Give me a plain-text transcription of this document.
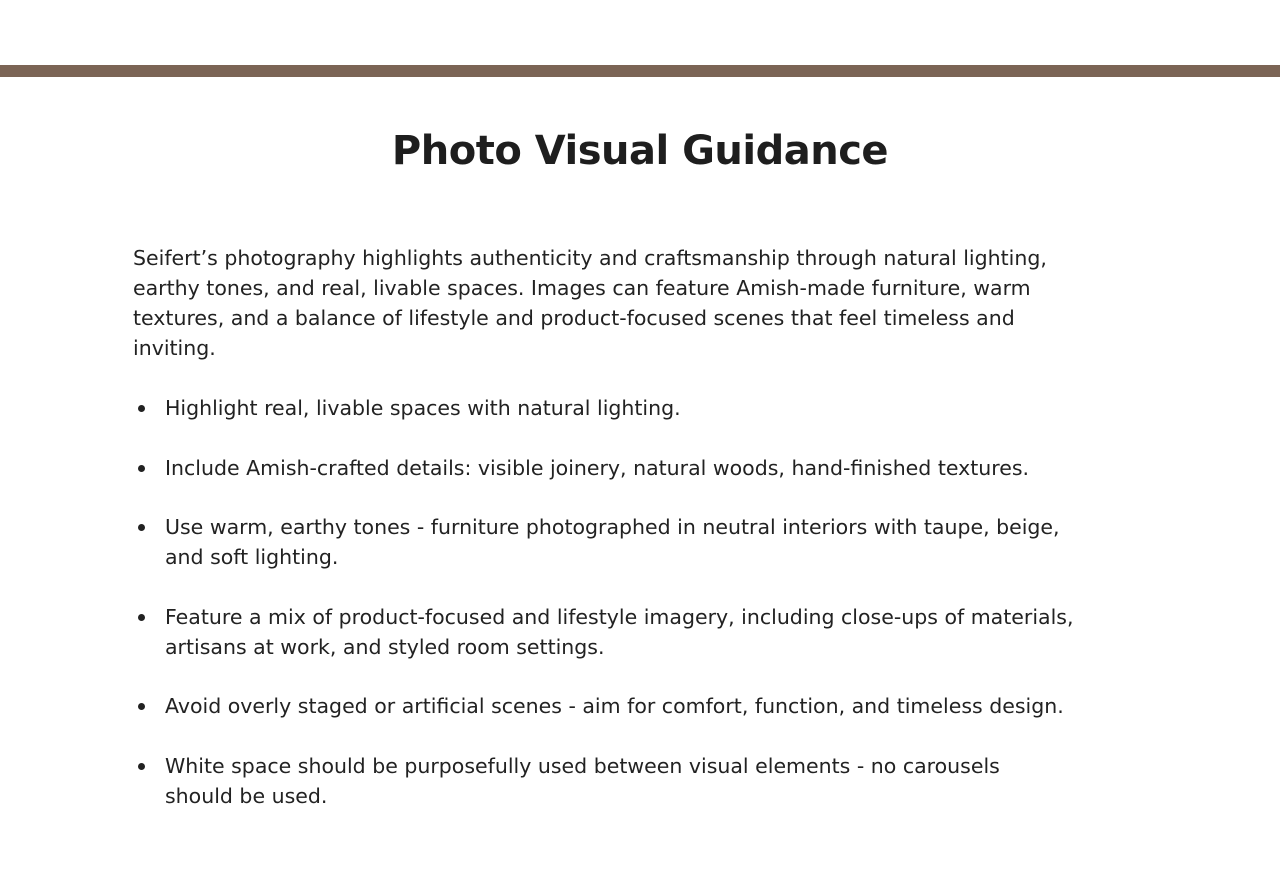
Photo Visual Guidance
Seifert’s photography highlights authenticity and craftsmanship through natural lighting,
earthy tones, and real, livable spaces. Images can feature Amish-made furniture, warm
textures, and a balance of lifestyle and product-focused scenes that feel timeless and
inviting.
Highlight real, livable spaces with natural lighting.
Include Amish-crafted details: visible joinery, natural woods, hand-finished textures.
Use warm, earthy tones - furniture photographed in neutral interiors with taupe, beige,
and soft lighting.
Feature a mix of product-focused and lifestyle imagery, including close-ups of materials,
artisans at work, and styled room settings.
Avoid overly staged or artificial scenes - aim for comfort, function, and timeless design.
White space should be purposefully used between visual elements - no carousels
should be used.
